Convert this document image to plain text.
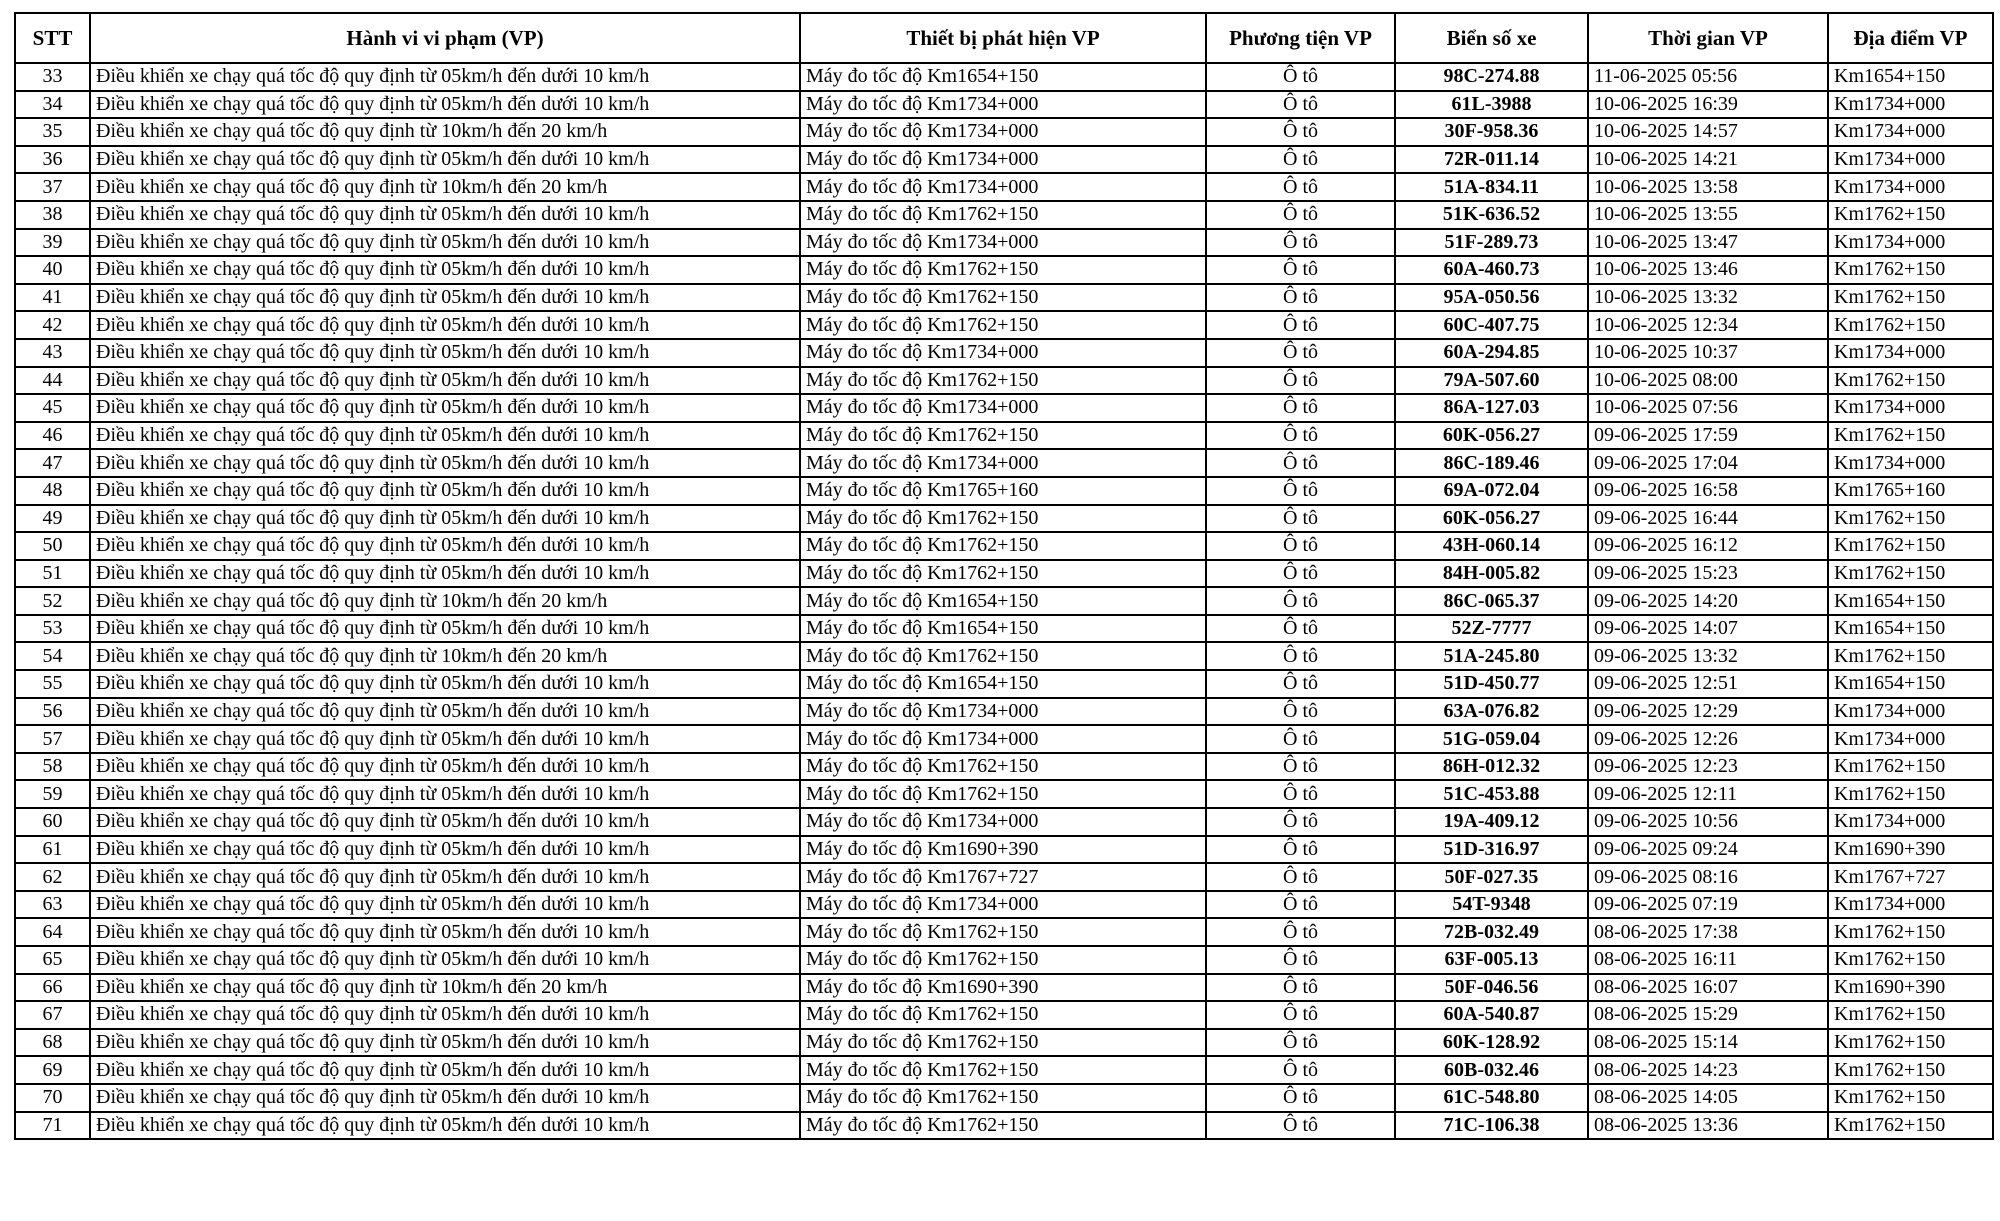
STT	Hành vi vi phạm (VP)	Thiết bị phát hiện VP	Phương tiện VP	Biển số xe	Thời gian VP	Địa điểm VP
33	Điều khiển xe chạy quá tốc độ quy định từ 05km/h đến dưới 10 km/h	Máy đo tốc độ Km1654+150	Ô tô	98C-274.88	11-06-2025 05:56	Km1654+150
34	Điều khiển xe chạy quá tốc độ quy định từ 05km/h đến dưới 10 km/h	Máy đo tốc độ Km1734+000	Ô tô	61L-3988	10-06-2025 16:39	Km1734+000
35	Điều khiển xe chạy quá tốc độ quy định từ 10km/h đến 20 km/h	Máy đo tốc độ Km1734+000	Ô tô	30F-958.36	10-06-2025 14:57	Km1734+000
36	Điều khiển xe chạy quá tốc độ quy định từ 05km/h đến dưới 10 km/h	Máy đo tốc độ Km1734+000	Ô tô	72R-011.14	10-06-2025 14:21	Km1734+000
37	Điều khiển xe chạy quá tốc độ quy định từ 10km/h đến 20 km/h	Máy đo tốc độ Km1734+000	Ô tô	51A-834.11	10-06-2025 13:58	Km1734+000
38	Điều khiển xe chạy quá tốc độ quy định từ 05km/h đến dưới 10 km/h	Máy đo tốc độ Km1762+150	Ô tô	51K-636.52	10-06-2025 13:55	Km1762+150
39	Điều khiển xe chạy quá tốc độ quy định từ 05km/h đến dưới 10 km/h	Máy đo tốc độ Km1734+000	Ô tô	51F-289.73	10-06-2025 13:47	Km1734+000
40	Điều khiển xe chạy quá tốc độ quy định từ 05km/h đến dưới 10 km/h	Máy đo tốc độ Km1762+150	Ô tô	60A-460.73	10-06-2025 13:46	Km1762+150
41	Điều khiển xe chạy quá tốc độ quy định từ 05km/h đến dưới 10 km/h	Máy đo tốc độ Km1762+150	Ô tô	95A-050.56	10-06-2025 13:32	Km1762+150
42	Điều khiển xe chạy quá tốc độ quy định từ 05km/h đến dưới 10 km/h	Máy đo tốc độ Km1762+150	Ô tô	60C-407.75	10-06-2025 12:34	Km1762+150
43	Điều khiển xe chạy quá tốc độ quy định từ 05km/h đến dưới 10 km/h	Máy đo tốc độ Km1734+000	Ô tô	60A-294.85	10-06-2025 10:37	Km1734+000
44	Điều khiển xe chạy quá tốc độ quy định từ 05km/h đến dưới 10 km/h	Máy đo tốc độ Km1762+150	Ô tô	79A-507.60	10-06-2025 08:00	Km1762+150
45	Điều khiển xe chạy quá tốc độ quy định từ 05km/h đến dưới 10 km/h	Máy đo tốc độ Km1734+000	Ô tô	86A-127.03	10-06-2025 07:56	Km1734+000
46	Điều khiển xe chạy quá tốc độ quy định từ 05km/h đến dưới 10 km/h	Máy đo tốc độ Km1762+150	Ô tô	60K-056.27	09-06-2025 17:59	Km1762+150
47	Điều khiển xe chạy quá tốc độ quy định từ 05km/h đến dưới 10 km/h	Máy đo tốc độ Km1734+000	Ô tô	86C-189.46	09-06-2025 17:04	Km1734+000
48	Điều khiển xe chạy quá tốc độ quy định từ 05km/h đến dưới 10 km/h	Máy đo tốc độ Km1765+160	Ô tô	69A-072.04	09-06-2025 16:58	Km1765+160
49	Điều khiển xe chạy quá tốc độ quy định từ 05km/h đến dưới 10 km/h	Máy đo tốc độ Km1762+150	Ô tô	60K-056.27	09-06-2025 16:44	Km1762+150
50	Điều khiển xe chạy quá tốc độ quy định từ 05km/h đến dưới 10 km/h	Máy đo tốc độ Km1762+150	Ô tô	43H-060.14	09-06-2025 16:12	Km1762+150
51	Điều khiển xe chạy quá tốc độ quy định từ 05km/h đến dưới 10 km/h	Máy đo tốc độ Km1762+150	Ô tô	84H-005.82	09-06-2025 15:23	Km1762+150
52	Điều khiển xe chạy quá tốc độ quy định từ 10km/h đến 20 km/h	Máy đo tốc độ Km1654+150	Ô tô	86C-065.37	09-06-2025 14:20	Km1654+150
53	Điều khiển xe chạy quá tốc độ quy định từ 05km/h đến dưới 10 km/h	Máy đo tốc độ Km1654+150	Ô tô	52Z-7777	09-06-2025 14:07	Km1654+150
54	Điều khiển xe chạy quá tốc độ quy định từ 10km/h đến 20 km/h	Máy đo tốc độ Km1762+150	Ô tô	51A-245.80	09-06-2025 13:32	Km1762+150
55	Điều khiển xe chạy quá tốc độ quy định từ 05km/h đến dưới 10 km/h	Máy đo tốc độ Km1654+150	Ô tô	51D-450.77	09-06-2025 12:51	Km1654+150
56	Điều khiển xe chạy quá tốc độ quy định từ 05km/h đến dưới 10 km/h	Máy đo tốc độ Km1734+000	Ô tô	63A-076.82	09-06-2025 12:29	Km1734+000
57	Điều khiển xe chạy quá tốc độ quy định từ 05km/h đến dưới 10 km/h	Máy đo tốc độ Km1734+000	Ô tô	51G-059.04	09-06-2025 12:26	Km1734+000
58	Điều khiển xe chạy quá tốc độ quy định từ 05km/h đến dưới 10 km/h	Máy đo tốc độ Km1762+150	Ô tô	86H-012.32	09-06-2025 12:23	Km1762+150
59	Điều khiển xe chạy quá tốc độ quy định từ 05km/h đến dưới 10 km/h	Máy đo tốc độ Km1762+150	Ô tô	51C-453.88	09-06-2025 12:11	Km1762+150
60	Điều khiển xe chạy quá tốc độ quy định từ 05km/h đến dưới 10 km/h	Máy đo tốc độ Km1734+000	Ô tô	19A-409.12	09-06-2025 10:56	Km1734+000
61	Điều khiển xe chạy quá tốc độ quy định từ 05km/h đến dưới 10 km/h	Máy đo tốc độ Km1690+390	Ô tô	51D-316.97	09-06-2025 09:24	Km1690+390
62	Điều khiển xe chạy quá tốc độ quy định từ 05km/h đến dưới 10 km/h	Máy đo tốc độ Km1767+727	Ô tô	50F-027.35	09-06-2025 08:16	Km1767+727
63	Điều khiển xe chạy quá tốc độ quy định từ 05km/h đến dưới 10 km/h	Máy đo tốc độ Km1734+000	Ô tô	54T-9348	09-06-2025 07:19	Km1734+000
64	Điều khiển xe chạy quá tốc độ quy định từ 05km/h đến dưới 10 km/h	Máy đo tốc độ Km1762+150	Ô tô	72B-032.49	08-06-2025 17:38	Km1762+150
65	Điều khiển xe chạy quá tốc độ quy định từ 05km/h đến dưới 10 km/h	Máy đo tốc độ Km1762+150	Ô tô	63F-005.13	08-06-2025 16:11	Km1762+150
66	Điều khiển xe chạy quá tốc độ quy định từ 10km/h đến 20 km/h	Máy đo tốc độ Km1690+390	Ô tô	50F-046.56	08-06-2025 16:07	Km1690+390
67	Điều khiển xe chạy quá tốc độ quy định từ 05km/h đến dưới 10 km/h	Máy đo tốc độ Km1762+150	Ô tô	60A-540.87	08-06-2025 15:29	Km1762+150
68	Điều khiển xe chạy quá tốc độ quy định từ 05km/h đến dưới 10 km/h	Máy đo tốc độ Km1762+150	Ô tô	60K-128.92	08-06-2025 15:14	Km1762+150
69	Điều khiển xe chạy quá tốc độ quy định từ 05km/h đến dưới 10 km/h	Máy đo tốc độ Km1762+150	Ô tô	60B-032.46	08-06-2025 14:23	Km1762+150
70	Điều khiển xe chạy quá tốc độ quy định từ 05km/h đến dưới 10 km/h	Máy đo tốc độ Km1762+150	Ô tô	61C-548.80	08-06-2025 14:05	Km1762+150
71	Điều khiển xe chạy quá tốc độ quy định từ 05km/h đến dưới 10 km/h	Máy đo tốc độ Km1762+150	Ô tô	71C-106.38	08-06-2025 13:36	Km1762+150
